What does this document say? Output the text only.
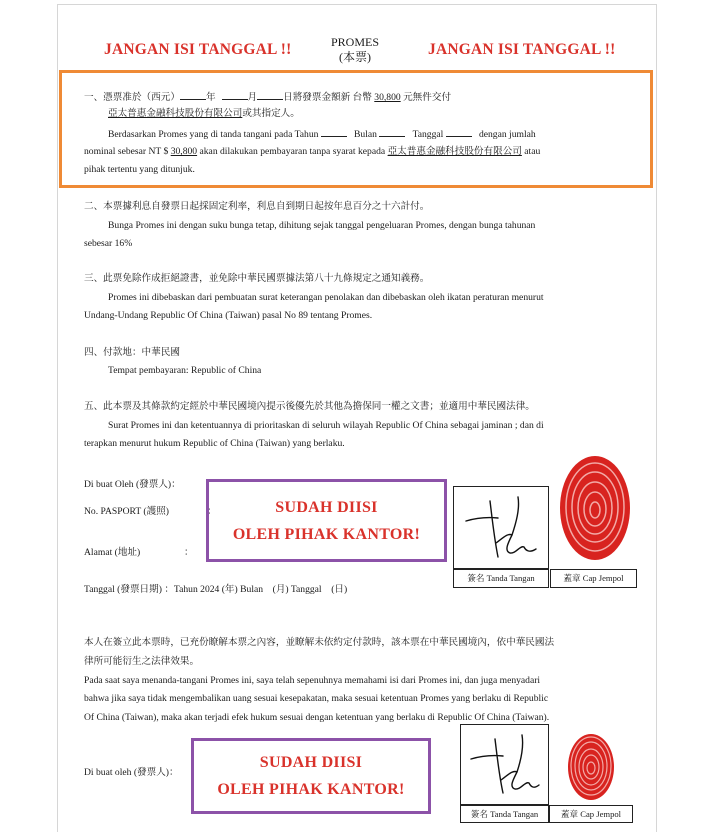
JANGAN ISI TANGGAL !!	PROMES
(本票)	JANGAN ISI TANGGAL !!
一、憑票准於（西元）	年	月	日將發票金額新 台幣 30,800 元無件交付
亞太普惠金融科技股份有限公司或其指定人。
Berdasarkan Promes yang di tanda tangani pada Tahun	Bulan	Tanggal	dengan jumlah
nominal sebesar NT $ 30,800 akan dilakukan pembayaran tanpa syarat kepada 亞太普惠金融科技股份有限公司 atau
pihak tertentu yang ditunjuk.
二、本票據利息自發票日起採固定利率，利息自到期日起按年息百分之十六計付。
Bunga Promes ini dengan suku bunga tetap, dihitung sejak tanggal pengeluaran Promes, dengan bunga tahunan
sebesar 16%
三、此票免除作成拒絕證書，並免除中華民國票據法第八十九條規定之通知義務。
Promes ini dibebaskan dari pembuatan surat keterangan penolakan dan dibebaskan oleh ikatan peraturan menurut
Undang-Undang Republic Of China (Taiwan) pasal No 89 tentang Promes.
四、付款地：中華民國
Tempat pembayaran: Republic of China
五、此本票及其條款約定經於中華民國境內提示後優先於其他為擔保同一權之文書；並適用中華民國法律。
Surat Promes ini dan ketentuannya di prioritaskan di seluruh wilayah Republic Of China sebagai jaminan ; dan di
terapkan menurut hukum Republic of China (Taiwan) yang berlaku.
Di buat Oleh (發票人)：
No. PASPORT (護照)	：
Alamat (地址)	：
Tanggal (發票日期) ：Tahun 2024 (年) Bulan　(月) Tanggal　(日)
SUDAH DIISI
OLEH PIHAK KANTOR!
簽名 Tanda Tangan	蓋章 Cap Jempol
本人在簽立此本票時，已充份瞭解本票之內容，並瞭解未依約定付款時，該本票在中華民國境內，依中華民國法
律所可能衍生之法律效果。
Pada saat saya menanda-tangani Promes ini, saya telah sepenuhnya memahami isi dari Promes ini, dan juga menyadari
bahwa jika saya tidak mengembalikan uang sesuai kesepakatan, maka sesuai ketentuan Promes yang berlaku di Republic
Of China (Taiwan), maka akan terjadi efek hukum sesuai dengan ketentuan yang berlaku di Republic Of China (Taiwan).
Di buat oleh (發票人)：
SUDAH DIISI
OLEH PIHAK KANTOR!
簽名 Tanda Tangan	蓋章 Cap Jempol
